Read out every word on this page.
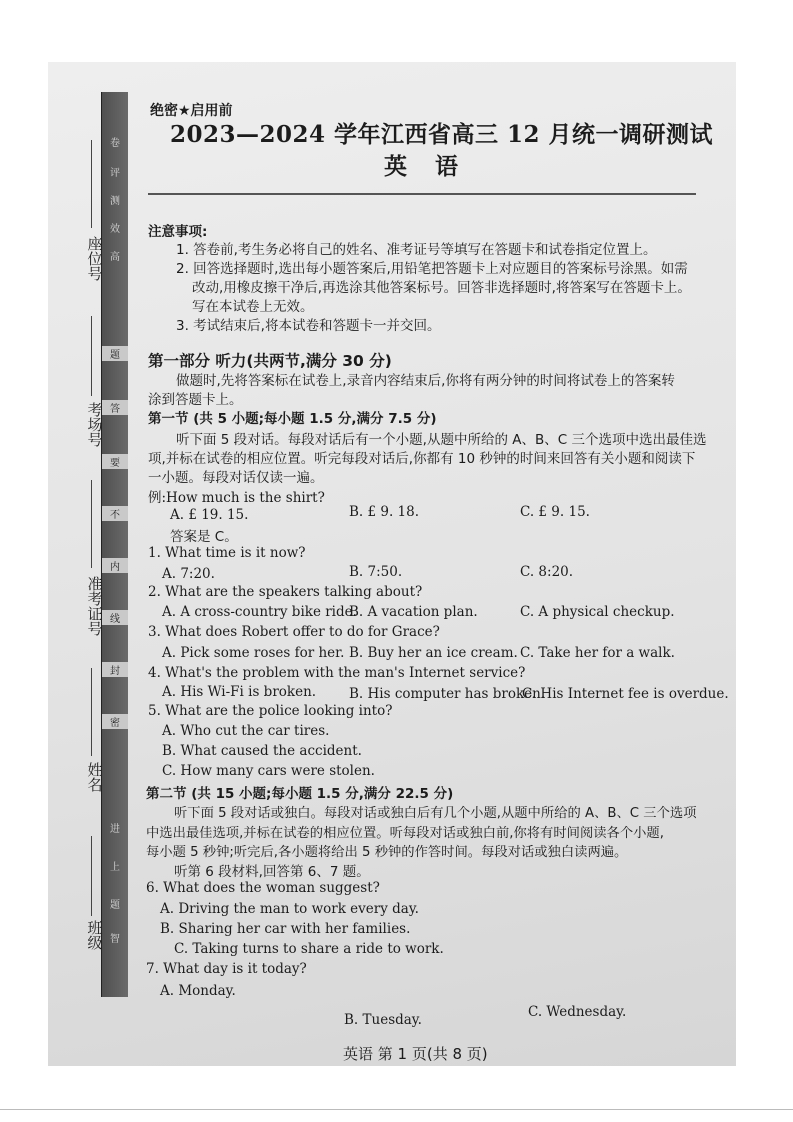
卷
评
测
效
高
题
答
要
不
内
线
封
密
进
上
题
智
座位号
考场号
准考证号
姓名
班级
绝密★启用前
2023—2024 学年江西省高三 12 月统一调研测试
英 语
注意事项:
1. 答卷前,考生务必将自己的姓名、准考证号等填写在答题卡和试卷指定位置上。
2. 回答选择题时,选出每小题答案后,用铅笔把答题卡上对应题目的答案标号涂黑。如需
改动,用橡皮擦干净后,再选涂其他答案标号。回答非选择题时,将答案写在答题卡上。
写在本试卷上无效。
3. 考试结束后,将本试卷和答题卡一并交回。
第一部分 听力(共两节,满分 30 分)
做题时,先将答案标在试卷上,录音内容结束后,你将有两分钟的时间将试卷上的答案转
涂到答题卡上。
第一节 (共 5 小题;每小题 1.5 分,满分 7.5 分)
听下面 5 段对话。每段对话后有一个小题,从题中所给的 A、B、C 三个选项中选出最佳选
项,并标在试卷的相应位置。听完每段对话后,你都有 10 秒钟的时间来回答有关小题和阅读下
一小题。每段对话仅读一遍。
例:How much is the shirt?
A. £ 19. 15.	B. £ 9. 18.	C. £ 9. 15.
答案是 C。
1. What time is it now?
A. 7:20.	B. 7:50.	C. 8:20.
2. What are the speakers talking about?
A. A cross-country bike ride.
B. A vacation plan.	C. A physical checkup.
3. What does Robert offer to do for Grace?
A. Pick some roses for her. B. Buy her an ice cream. C. Take her for a walk.
4. What's the problem with the man's Internet service?
A. His Wi-Fi is broken. B. His computer has broken.
C. His Internet fee is overdue.
5. What are the police looking into?
A. Who cut the car tires.
B. What caused the accident.
C. How many cars were stolen.
第二节 (共 15 小题;每小题 1.5 分,满分 22.5 分)
听下面 5 段对话或独白。每段对话或独白后有几个小题,从题中所给的 A、B、C 三个选项
中选出最佳选项,并标在试卷的相应位置。听每段对话或独白前,你将有时间阅读各个小题,
每小题 5 秒钟;听完后,各小题将给出 5 秒钟的作答时间。每段对话或独白读两遍。
听第 6 段材料,回答第 6、7 题。
6. What does the woman suggest?
A. Driving the man to work every day.
B. Sharing her car with her families.
C. Taking turns to share a ride to work.
7. What day is it today?
A. Monday.
B. Tuesday.	C. Wednesday.
英语 第 1 页(共 8 页)
